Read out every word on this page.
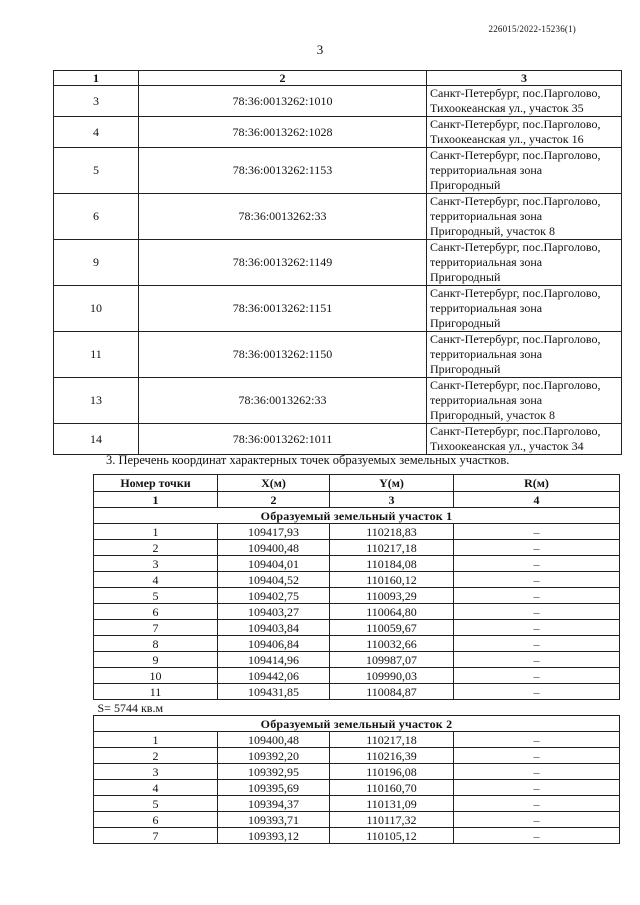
226015/2022-15236(1)
3
1	2	3
3	78:36:0013262:1010	Санкт-Петербург, пос.Парголово,
Тихоокеанская ул., участок 35

4	78:36:0013262:1028	Санкт-Петербург, пос.Парголово,
Тихоокеанская ул., участок 16

5	78:36:0013262:1153	Санкт-Петербург, пос.Парголово,
территориальная зона
Пригородный

6	78:36:0013262:33	Санкт-Петербург, пос.Парголово,
территориальная зона
Пригородный, участок 8

9	78:36:0013262:1149	Санкт-Петербург, пос.Парголово,
территориальная зона
Пригородный

10	78:36:0013262:1151	Санкт-Петербург, пос.Парголово,
территориальная зона
Пригородный

11	78:36:0013262:1150	Санкт-Петербург, пос.Парголово,
территориальная зона
Пригородный

13	78:36:0013262:33	Санкт-Петербург, пос.Парголово,
территориальная зона
Пригородный, участок 8

14	78:36:0013262:1011	Санкт-Петербург, пос.Парголово,
Тихоокеанская ул., участок 34
3. Перечень координат характерных точек образуемых земельных участков.
Номер точки	X(м)	Y(м)	R(м)
1	2	3	4
Образуемый земельный участок 1			
1	109417,93	110218,83	–
2	109400,48	110217,18	–
3	109404,01	110184,08	–
4	109404,52	110160,12	–
5	109402,75	110093,29	–
6	109403,27	110064,80	–
7	109403,84	110059,67	–
8	109406,84	110032,66	–
9	109414,96	109987,07	–
10	109442,06	109990,03	–
11	109431,85	110084,87	–
S= 5744 кв.м			
Образуемый земельный участок 2			
1	109400,48	110217,18	–
2	109392,20	110216,39	–
3	109392,95	110196,08	–
4	109395,69	110160,70	–
5	109394,37	110131,09	–
6	109393,71	110117,32	–
7	109393,12	110105,12	–
